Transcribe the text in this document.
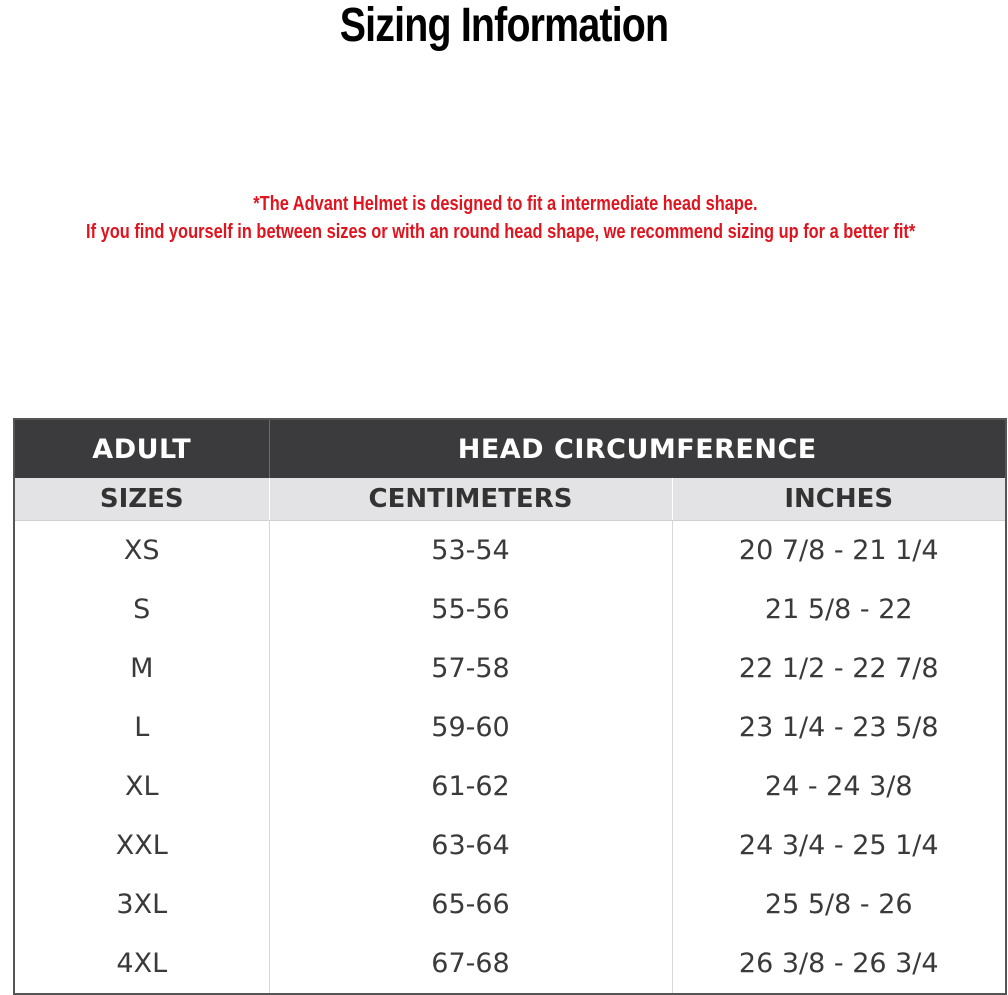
Sizing Information
*The Advant Helmet is designed to fit a intermediate head shape.
If you find yourself in between sizes or with an round head shape, we recommend sizing up for a better fit*
ADULT	HEAD CIRCUMFERENCE	
SIZES	CENTIMETERS	INCHES
XS	53-54	20 7/8 - 21 1/4
S	55-56	21 5/8 - 22
M	57-58	22 1/2 - 22 7/8
L	59-60	23 1/4 - 23 5/8
XL	61-62	24 - 24 3/8
XXL	63-64	24 3/4 - 25 1/4
3XL	65-66	25 5/8 - 26
4XL	67-68	26 3/8 - 26 3/4
